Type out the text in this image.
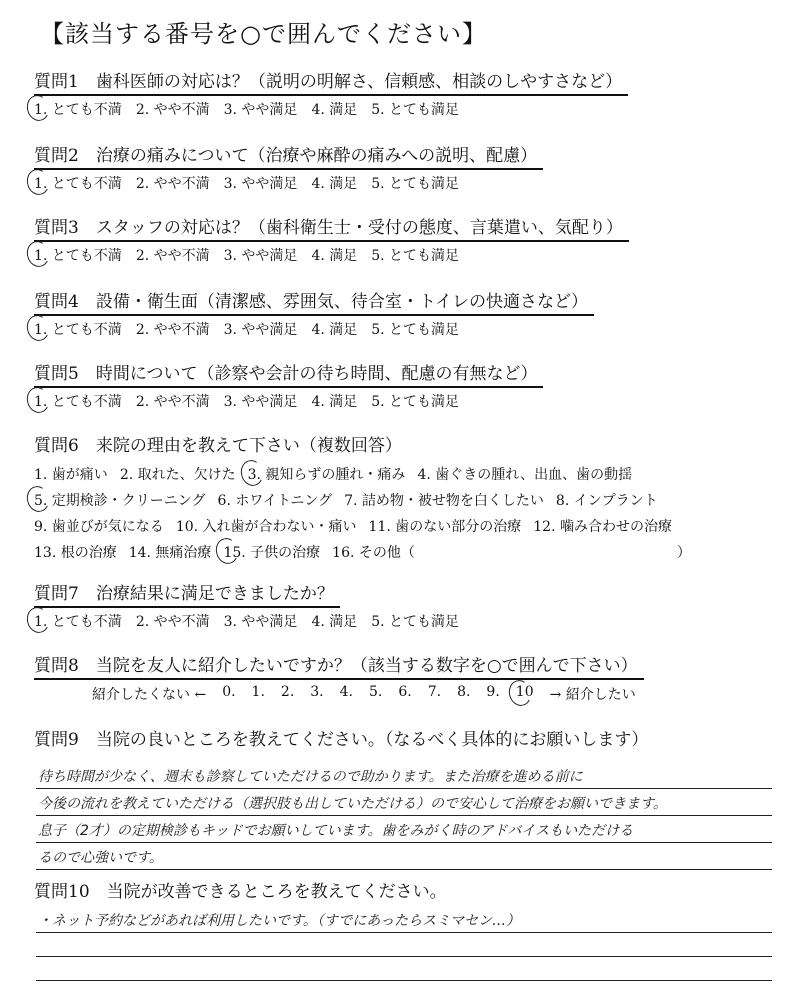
【該当する番号を○で囲んでください】
質問1　歯科医師の対応は？（説明の明解さ、信頼感、相談のしやすさなど）
1. とても不満 2. やや不満 3. やや満足 4. 満足 5. とても満足
質問2　治療の痛みについて（治療や麻酔の痛みへの説明、配慮）
1. とても不満 2. やや不満 3. やや満足 4. 満足 5. とても満足
質問3　スタッフの対応は？（歯科衛生士・受付の態度、言葉遣い、気配り）
1. とても不満 2. やや不満 3. やや満足 4. 満足 5. とても満足
質問4　設備・衛生面（清潔感、雰囲気、待合室・トイレの快適さなど）
1. とても不満 2. やや不満 3. やや満足 4. 満足 5. とても満足
質問5　時間について（診察や会計の待ち時間、配慮の有無など）
1. とても不満 2. やや不満 3. やや満足 4. 満足 5. とても満足
質問6　来院の理由を教えて下さい（複数回答）
1. 歯が痛い 2. 取れた、欠けた 3. 親知らずの腫れ・痛み 4. 歯ぐきの腫れ、出血、歯の動揺
5. 定期検診・クリーニング 6. ホワイトニング 7. 詰め物・被せ物を白くしたい 8. インプラント
9. 歯並びが気になる 10. 入れ歯が合わない・痛い 11. 歯のない部分の治療 12. 噛み合わせの治療
13. 根の治療 14. 無痛治療 15. 子供の治療 16. その他（	）
質問7　治療結果に満足できましたか？
1. とても不満 2. やや不満 3. やや満足 4. 満足 5. とても満足
質問8　当院を友人に紹介したいですか？（該当する数字を○で囲んで下さい）
紹介したくない ← 0. 1. 2. 3. 4. 5. 6. 7. 8. 9. 10 → 紹介したい
質問9　当院の良いところを教えてください。（なるべく具体的にお願いします）
待ち時間が少なく、週末も診察していただけるので助かります。また治療を進める前に
今後の流れを教えていただける（選択肢も出していただける）ので安心して治療をお願いできます。
息子（2才）の定期検診もキッドでお願いしています。歯をみがく時のアドバイスもいただける
るので心強いです。
質問10　当院が改善できるところを教えてください。
・ネット予約などがあれば利用したいです。（すでにあったらスミマセン…）
